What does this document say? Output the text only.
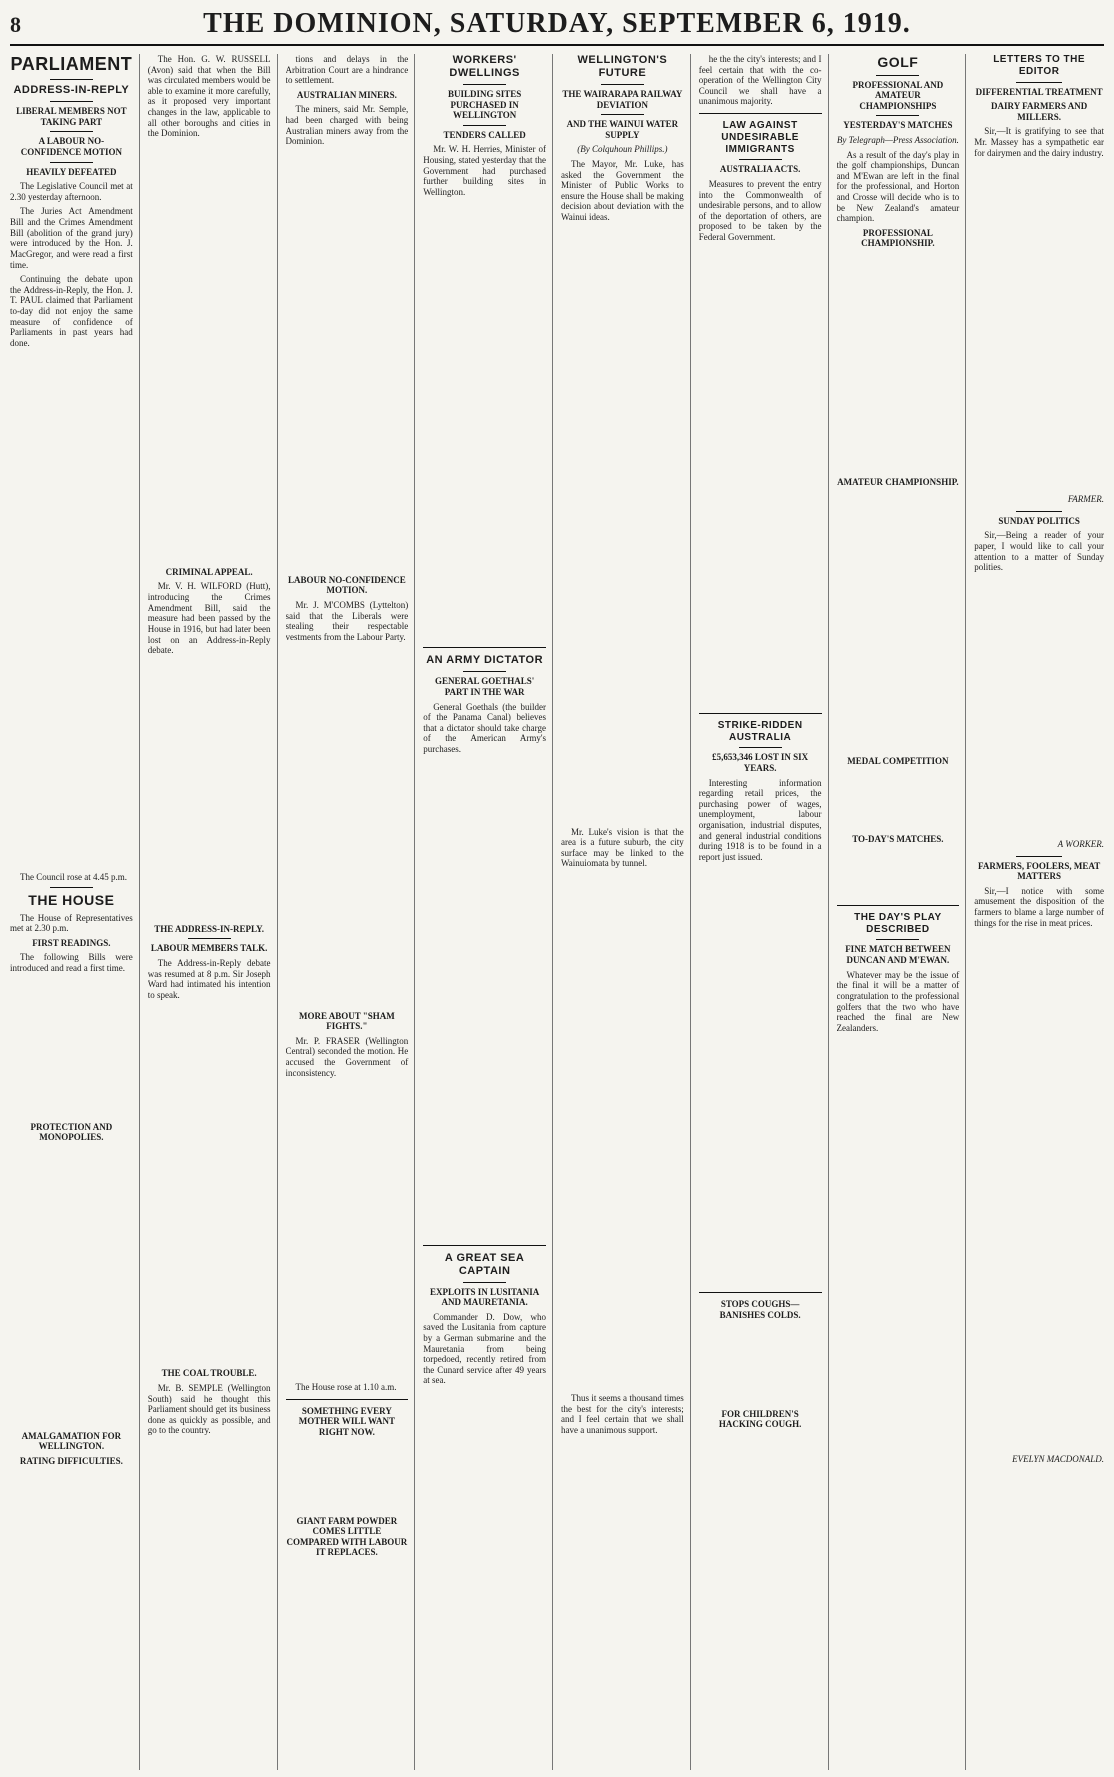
8	THE DOMINION, SATURDAY, SEPTEMBER 6, 1919.
PARLIAMENT
ADDRESS-IN-REPLY
LIBERAL MEMBERS NOT TAKING PART
A LABOUR NO-CONFIDENCE MOTION
HEAVILY DEFEATED

The Legislative Council met at 2.30 yesterday afternoon.

The Juries Act Amendment Bill and the Crimes Amendment Bill (abolition of the grand jury) were introduced by the Hon. J. MacGregor, and were read a first time.

Continuing the debate upon the Address-in-Reply, the Hon. J. T. PAUL claimed that Parliament to-day did not enjoy the same measure of confidence of Parliaments in past years had done.

The Council rose at 4.45 p.m.

THE HOUSE

The House of Representatives met at 2.30 p.m.

FIRST READINGS.

The following Bills were introduced and read a first time.

PROTECTION AND MONOPOLIES.
AMALGAMATION FOR WELLINGTON.
RATING DIFFICULTIES.

The Hon. G. W. RUSSELL (Avon) said that when the Bill was circulated members would be able to examine it more carefully, as it proposed very important changes in the law, applicable to all other boroughs and cities in the Dominion.

CRIMINAL APPEAL.

Mr. V. H. WILFORD (Hutt), introducing the Crimes Amendment Bill, said the measure had been passed by the House in 1916, but had later been lost on an Address-in-Reply debate.

THE ADDRESS-IN-REPLY.
LABOUR MEMBERS TALK.

The Address-in-Reply debate was resumed at 8 p.m. Sir Joseph Ward had intimated his intention to speak.

THE COAL TROUBLE.

Mr. B. SEMPLE (Wellington South) said he thought this Parliament should get its business done as quickly as possible, and go to the country.

tions and delays in the Arbitration Court are a hindrance to settlement.

AUSTRALIAN MINERS.

The miners, said Mr. Semple, had been charged with being Australian miners away from the Dominion.

LABOUR NO-CONFIDENCE MOTION.

Mr. J. M'COMBS (Lyttelton) said that the Liberals were stealing their respectable vestments from the Labour Party.

MORE ABOUT "SHAM FIGHTS."

Mr. P. FRASER (Wellington Central) seconded the motion. He accused the Government of inconsistency.

The House rose at 1.10 a.m.

SOMETHING EVERY MOTHER WILL WANT RIGHT NOW.
GIANT FARM POWDER COMES LITTLE COMPARED WITH LABOUR IT REPLACES.
WORKERS' DWELLINGS
BUILDING SITES PURCHASED IN WELLINGTON
TENDERS CALLED

Mr. W. H. Herries, Minister of Housing, stated yesterday that the Government had purchased further building sites in Wellington.

AN ARMY DICTATOR
GENERAL GOETHALS' PART IN THE WAR

General Goethals (the builder of the Panama Canal) believes that a dictator should take charge of the American Army's purchases.

A GREAT SEA CAPTAIN
EXPLOITS IN LUSITANIA AND MAURETANIA.

Commander D. Dow, who saved the Lusitania from capture by a German submarine and the Mauretania from being torpedoed, recently retired from the Cunard service after 49 years at sea.

WELLINGTON'S FUTURE
THE WAIRARAPA RAILWAY DEVIATION
AND THE WAINUI WATER SUPPLY
(By Colquhoun Phillips.)

The Mayor, Mr. Luke, has asked the Government the Minister of Public Works to ensure the House shall be making decision about deviation with the Wainui ideas.

Mr. Luke's vision is that the area is a future suburb, the city surface may be linked to the Wainuiomata by tunnel.

Thus it seems a thousand times the best for the city's interests; and I feel certain that we shall have a unanimous support.

he the the city's interests; and I feel certain that with the co-operation of the Wellington City Council we shall have a unanimous majority.

LAW AGAINST UNDESIRABLE IMMIGRANTS
AUSTRALIA ACTS.

Measures to prevent the entry into the Commonwealth of undesirable persons, and to allow of the deportation of others, are proposed to be taken by the Federal Government.

STRIKE-RIDDEN AUSTRALIA
£5,653,346 LOST IN SIX YEARS.

Interesting information regarding retail prices, the purchasing power of wages, unemployment, labour organisation, industrial disputes, and general industrial conditions during 1918 is to be found in a report just issued.

STOPS COUGHS—BANISHES COLDS.
FOR CHILDREN'S HACKING COUGH.
GOLF
PROFESSIONAL AND AMATEUR CHAMPIONSHIPS
YESTERDAY'S MATCHES
By Telegraph—Press Association.

As a result of the day's play in the golf championships, Duncan and M'Ewan are left in the final for the professional, and Horton and Crosse will decide who is to be New Zealand's amateur champion.

PROFESSIONAL CHAMPIONSHIP.
AMATEUR CHAMPIONSHIP.
MEDAL COMPETITION
TO-DAY'S MATCHES.
THE DAY'S PLAY DESCRIBED
FINE MATCH BETWEEN DUNCAN AND M'EWAN.

Whatever may be the issue of the final it will be a matter of congratulation to the professional golfers that the two who have reached the final are New Zealanders.

LETTERS TO THE EDITOR
DIFFERENTIAL TREATMENT
DAIRY FARMERS AND MILLERS.

Sir,—It is gratifying to see that Mr. Massey has a sympathetic ear for dairymen and the dairy industry.

FARMER.
SUNDAY POLITICS

Sir,—Being a reader of your paper, I would like to call your attention to a matter of Sunday polities.

A WORKER.
FARMERS, FOOLERS, MEAT MATTERS

Sir,—I notice with some amusement the disposition of the farmers to blame a large number of things for the rise in meat prices.

EVELYN MACDONALD.
